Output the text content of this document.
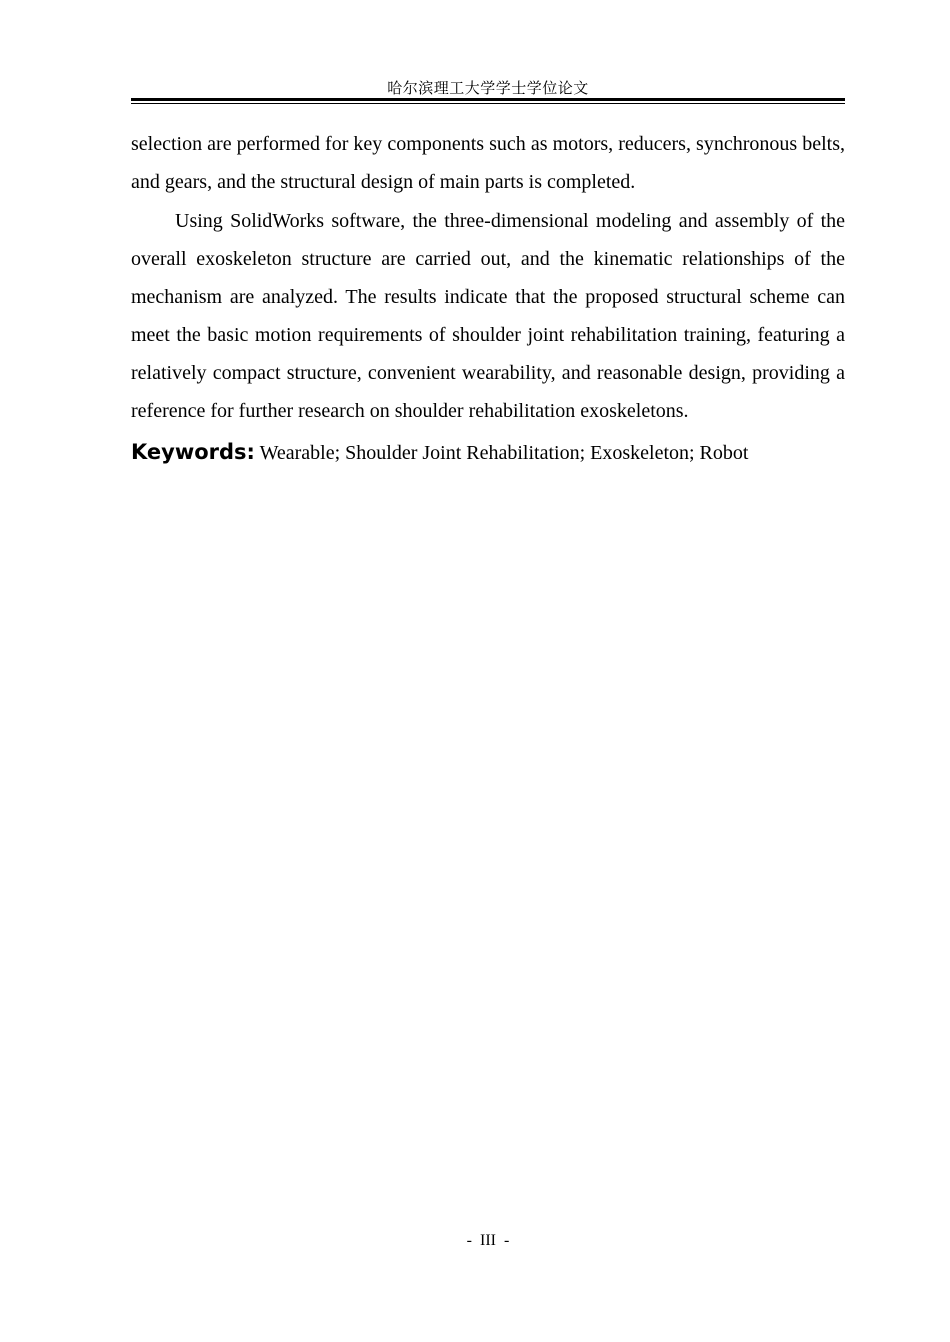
哈尔滨理工大学学士学位论文

selection are performed for key components such as motors, reducers, synchronous belts, and gears, and the structural design of main parts is completed.

Using SolidWorks software, the three-dimensional modeling and assembly of the overall exoskeleton structure are carried out, and the kinematic relationships of the mechanism are analyzed. The results indicate that the proposed structural scheme can meet the basic motion requirements of shoulder joint rehabilitation training, featuring a relatively compact structure, convenient wearability, and reasonable design, providing a reference for further research on shoulder rehabilitation exoskeletons.

Keywords: Wearable; Shoulder Joint Rehabilitation; Exoskeleton; Robot

- III -
